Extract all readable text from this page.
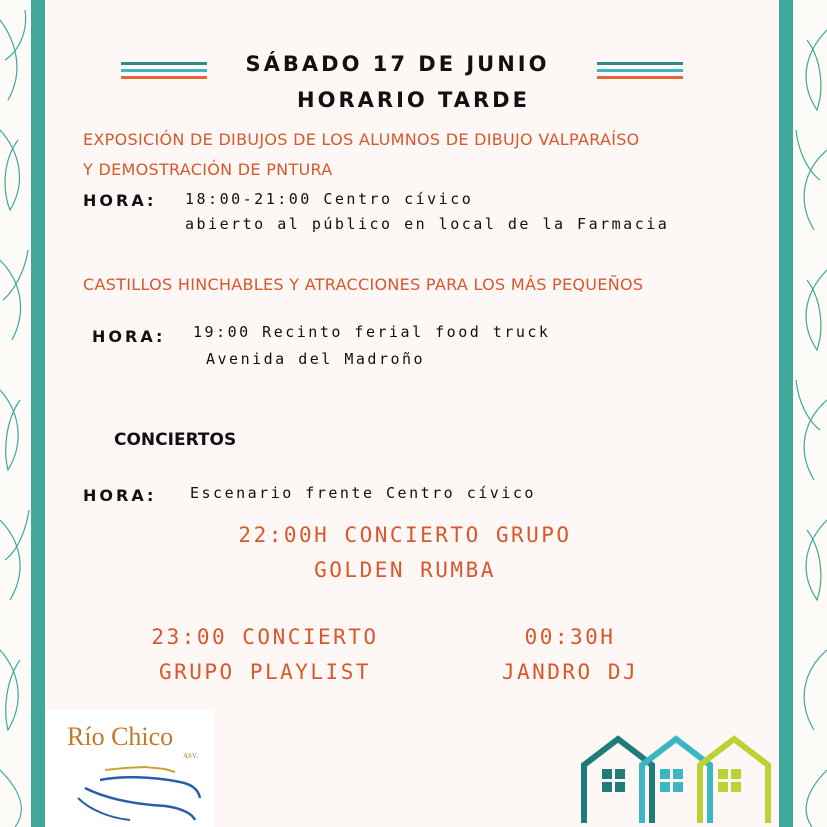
SÁBADO 17 DE JUNIO
HORARIO TARDE
EXPOSICIÓN DE DIBUJOS DE LOS ALUMNOS DE DIBUJO VALPARAÍSO
Y DEMOSTRACIÓN DE PNTURA
HORA: 18:00-21:00 Centro cívico
abierto al público en local de la Farmacia
CASTILLOS HINCHABLES Y ATRACCIONES PARA LOS MÁS PEQUEÑOS
HORA: 19:00 Recinto ferial food truck
Avenida del Madroño
CONCIERTOS
HORA: Escenario frente Centro cívico
22:00H CONCIERTO GRUPO
GOLDEN RUMBA
23:00 CONCIERTO
GRUPO PLAYLIST
00:30H
JANDRO DJ
Río Chico
ASV.
